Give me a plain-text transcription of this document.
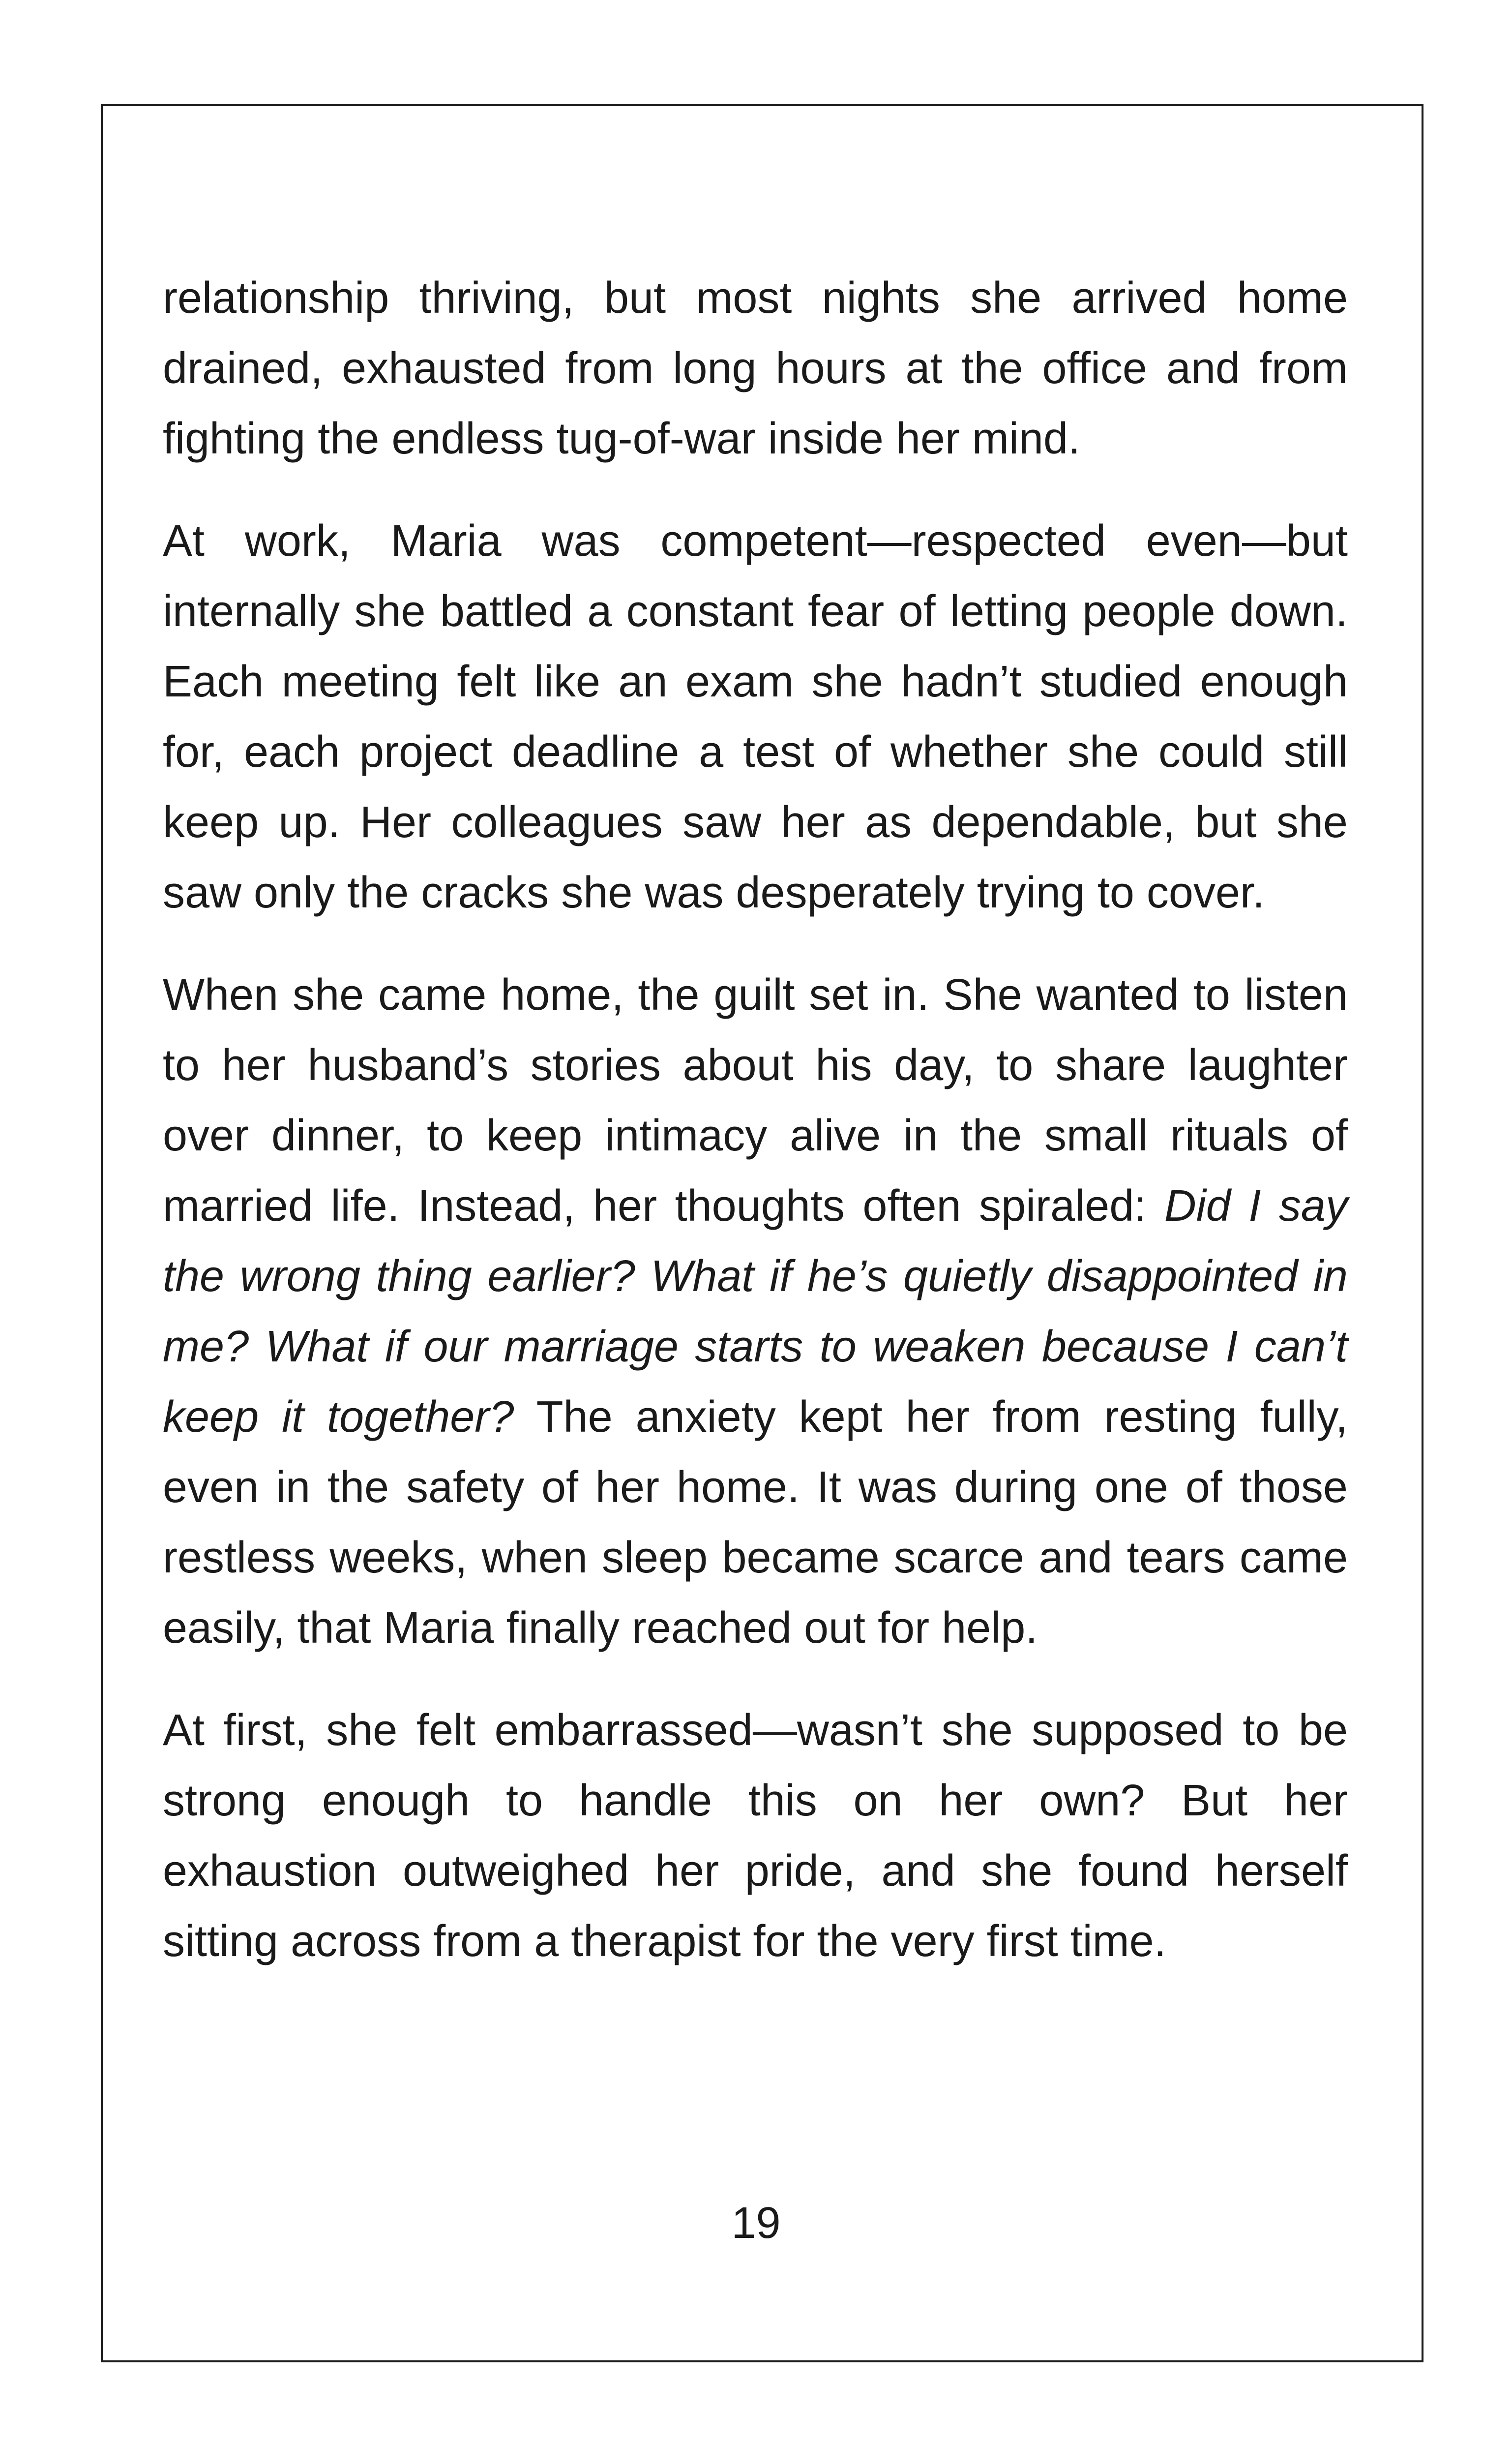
relationship thriving, but most nights she arrived home drained, exhausted from long hours at the office and from fighting the endless tug-of-war inside her mind.

At work, Maria was competent—respected even—but internally she battled a constant fear of letting people down. Each meeting felt like an exam she hadn’t studied enough for, each project deadline a test of whether she could still keep up. Her colleagues saw her as dependable, but she saw only the cracks she was desperately trying to cover.

When she came home, the guilt set in. She wanted to listen to her husband’s stories about his day, to share laughter over dinner, to keep intimacy alive in the small rituals of married life. Instead, her thoughts often spiraled: Did I say the wrong thing earlier? What if he’s quietly disappointed in me? What if our marriage starts to weaken because I can’t keep it together? The anxiety kept her from resting fully, even in the safety of her home. It was during one of those restless weeks, when sleep became scarce and tears came easily, that Maria finally reached out for help.

At first, she felt embarrassed—wasn’t she supposed to be strong enough to handle this on her own? But her exhaustion outweighed her pride, and she found herself sitting across from a therapist for the very first time.

19
